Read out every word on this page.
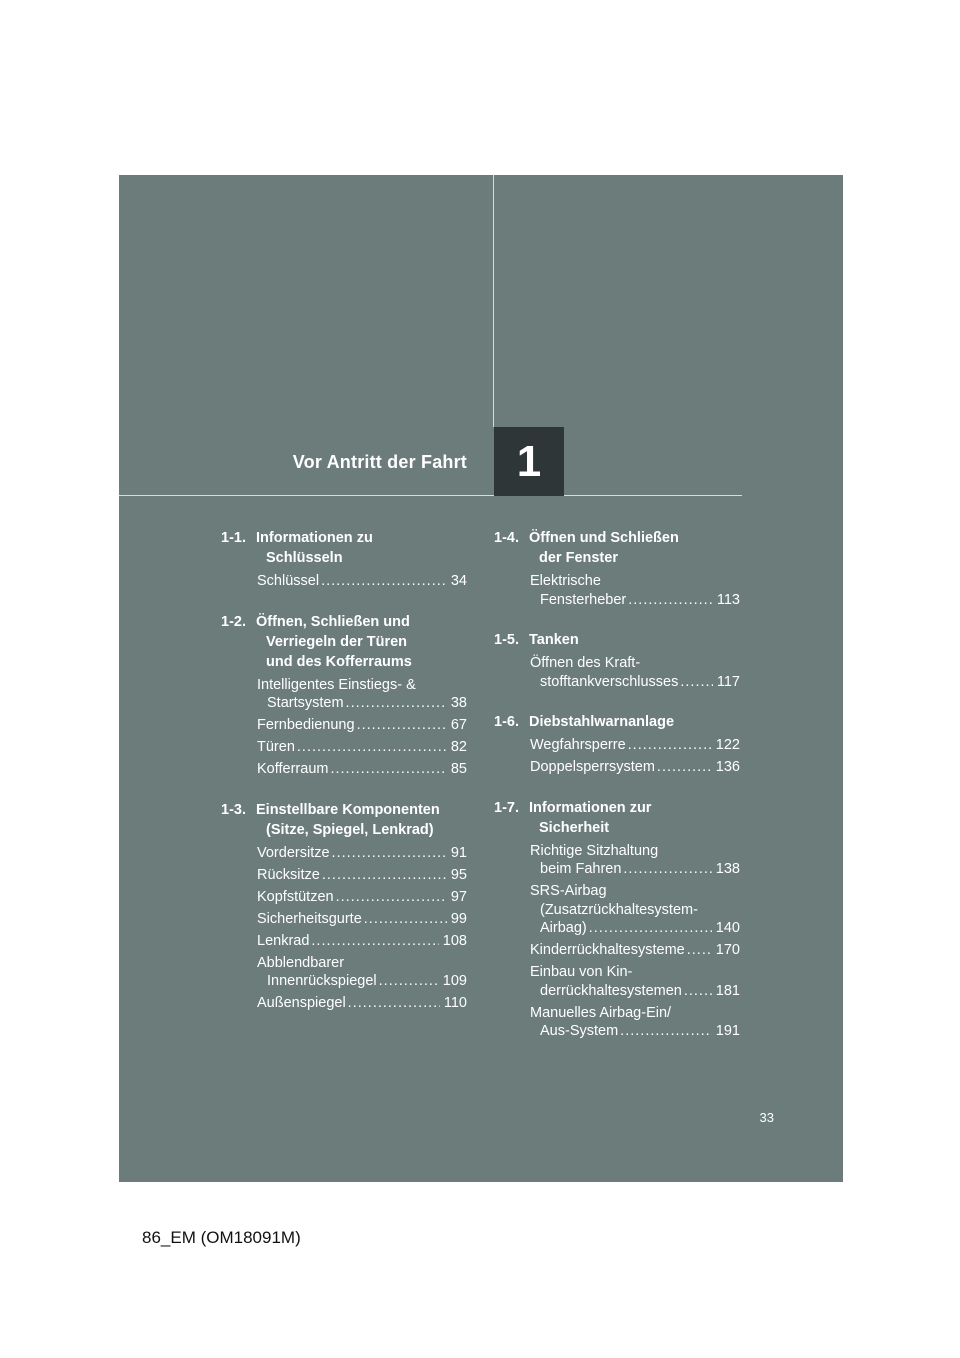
Vor Antritt der Fahrt 1
1-1. Informationen zu
Schlüsseln
Schlüssel .....	34
1-2. Öffnen, Schließen und
Verriegeln der Türen
und des Kofferraums
Intelligentes Einstiegs- &
Startsystem .....	38
Fernbedienung .....	67
Türen .....	82
Kofferraum .....	85
1-3. Einstellbare Komponenten
(Sitze, Spiegel, Lenkrad)
Vordersitze .....	91
Rücksitze .....	95
Kopfstützen .....	97
Sicherheitsgurte .....	99
Lenkrad .....	108
Abblendbarer
Innenrückspiegel .....	109
Außenspiegel .....	110
1-4. Öffnen und Schließen
der Fenster
Elektrische
Fensterheber .....	113
1-5. Tanken
Öffnen des Kraft-
stofftankverschlusses .....	117
1-6. Diebstahlwarnanlage
Wegfahrsperre .....	122
Doppelsperrsystem .....	136
1-7. Informationen zur
Sicherheit
Richtige Sitzhaltung
beim Fahren .....	138
SRS-Airbag
(Zusatzrückhaltesystem-
Airbag) .....	140
Kinderrückhaltesysteme ..... 170
Einbau von Kin-
derrückhaltesystemen ..... 181
Manuelles Airbag-Ein/
Aus-System .....	191
33
86_EM (OM18091M)
